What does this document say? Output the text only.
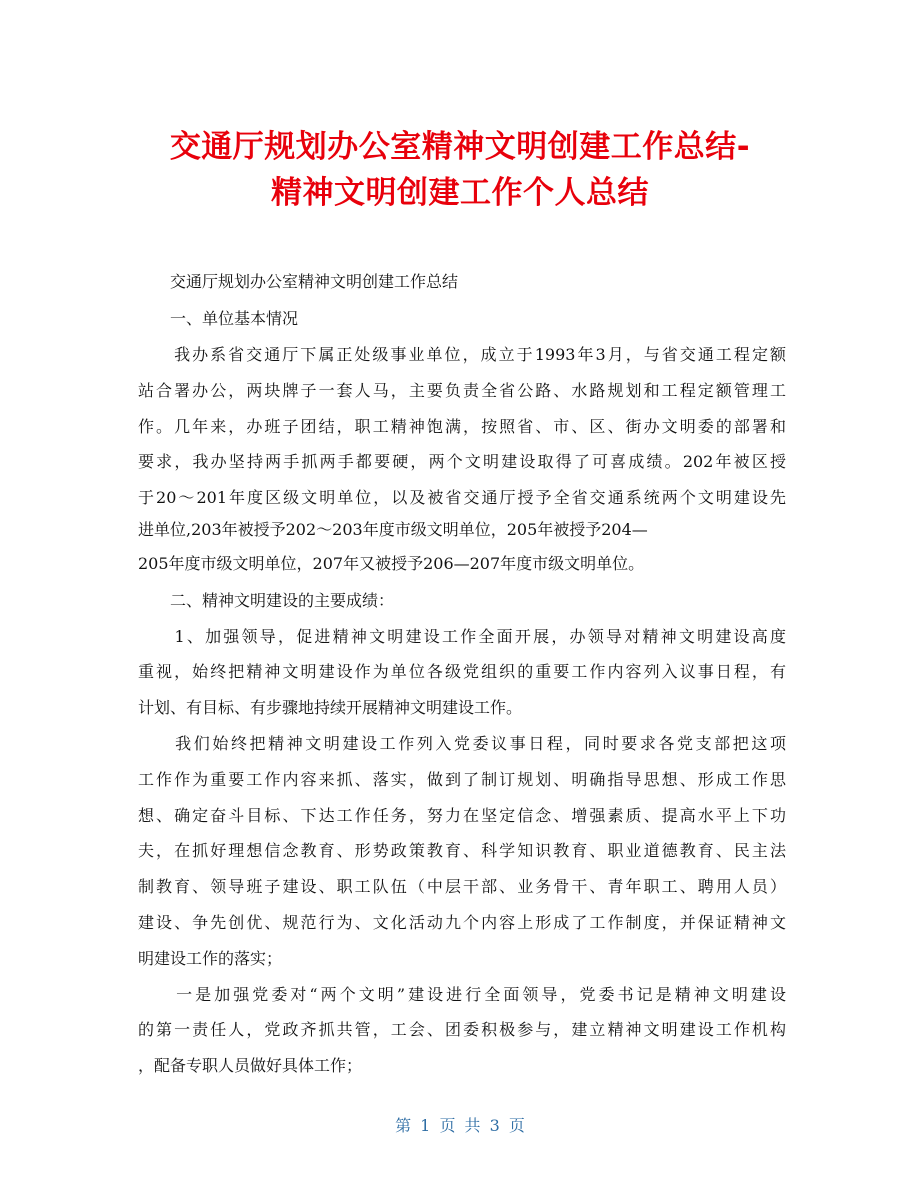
交通厅规划办公室精神文明创建工作总结-
精神文明创建工作个人总结
　　交通厅规划办公室精神文明创建工作总结
　　一、单位基本情况
　　我办系省交通厅下属正处级事业单位，成立于1993年3月，与省交通工程定额
站合署办公，两块牌子一套人马，主要负责全省公路、水路规划和工程定额管理工
作。几年来，办班子团结，职工精神饱满，按照省、市、区、街办文明委的部署和
要求，我办坚持两手抓两手都要硬，两个文明建设取得了可喜成绩。202年被区授
于20～201年度区级文明单位，以及被省交通厅授予全省交通系统两个文明建设先
进单位,203年被授予202～203年度市级文明单位，205年被授予204—
205年度市级文明单位，207年又被授予206—207年度市级文明单位。
　　二、精神文明建设的主要成绩：
　　1、加强领导，促进精神文明建设工作全面开展，办领导对精神文明建设高度
重视，始终把精神文明建设作为单位各级党组织的重要工作内容列入议事日程，有
计划、有目标、有步骤地持续开展精神文明建设工作。
　　我们始终把精神文明建设工作列入党委议事日程，同时要求各党支部把这项
工作作为重要工作内容来抓、落实，做到了制订规划、明确指导思想、形成工作思
想、确定奋斗目标、下达工作任务，努力在坚定信念、增强素质、提高水平上下功
夫，在抓好理想信念教育、形势政策教育、科学知识教育、职业道德教育、民主法
制教育、领导班子建设、职工队伍（中层干部、业务骨干、青年职工、聘用人员）
建设、争先创优、规范行为、文化活动九个内容上形成了工作制度，并保证精神文
明建设工作的落实；
　　一是加强党委对“两个文明”建设进行全面领导，党委书记是精神文明建设
的第一责任人，党政齐抓共管，工会、团委积极参与，建立精神文明建设工作机构
，配备专职人员做好具体工作；
第 1 页 共 3 页
